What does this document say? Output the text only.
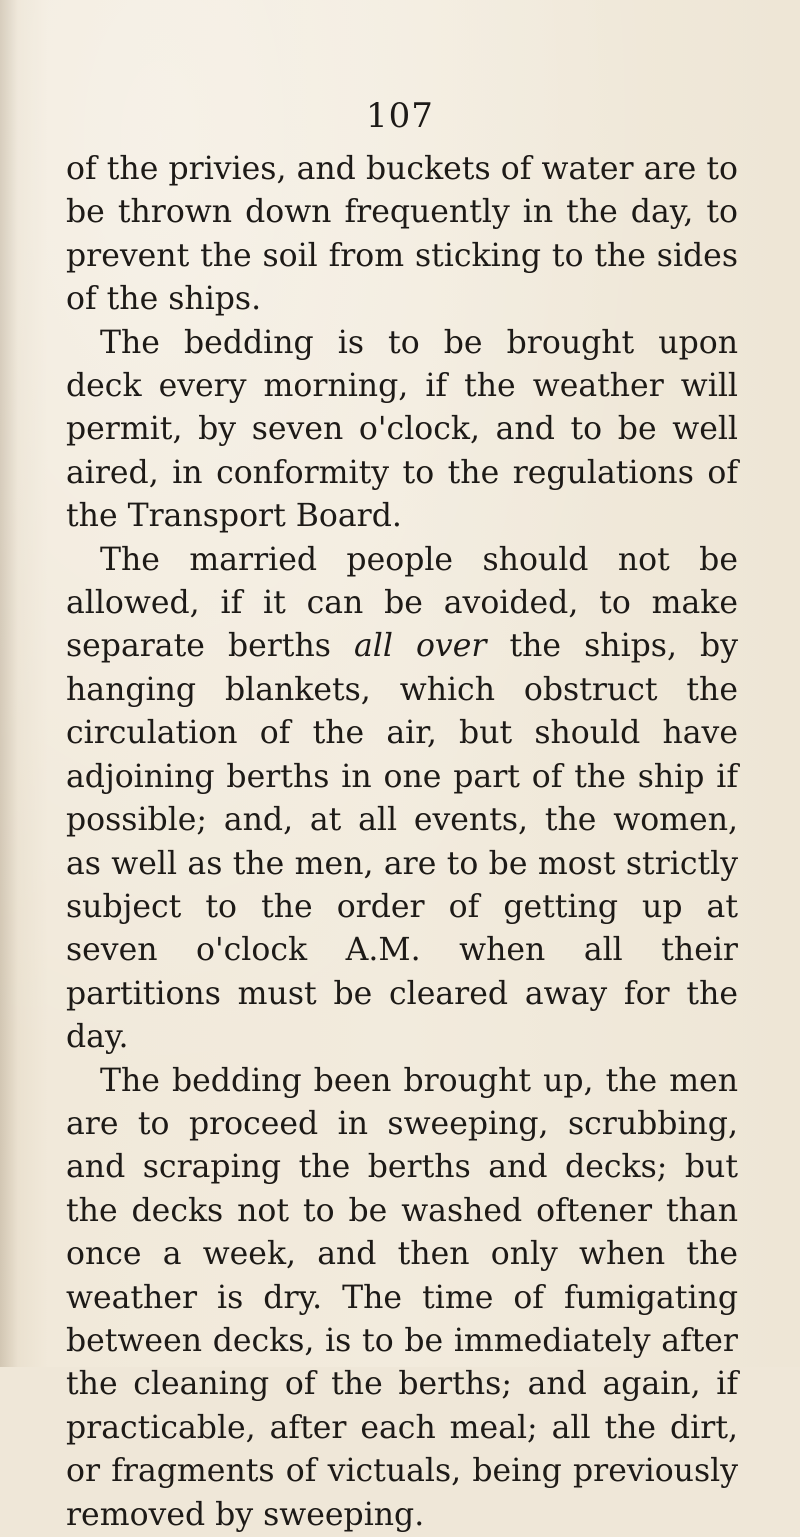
107

of the privies, and buckets of water are to be thrown down frequently in the day, to prevent the soil from sticking to the sides of the ships.

The bedding is to be brought upon deck every morning, if the weather will permit, by seven o'clock, and to be well aired, in conformity to the regulations of the Transport Board.

The married people should not be allowed, if it can be avoided, to make separate berths all over the ships, by hanging blankets, which obstruct the circulation of the air, but should have adjoining berths in one part of the ship if possible; and, at all events, the women, as well as the men, are to be most strictly subject to the order of getting up at seven o'clock A.M. when all their partitions must be cleared away for the day.

The bedding been brought up, the men are to proceed in sweeping, scrubbing, and scraping the berths and decks; but the decks not to be washed oftener than once a week, and then only when the weather is dry. The time of fumigating between decks, is to be immediately after the cleaning of the berths; and again, if practicable, after each meal; all the dirt, or fragments of victuals, being previously removed by sweeping.
